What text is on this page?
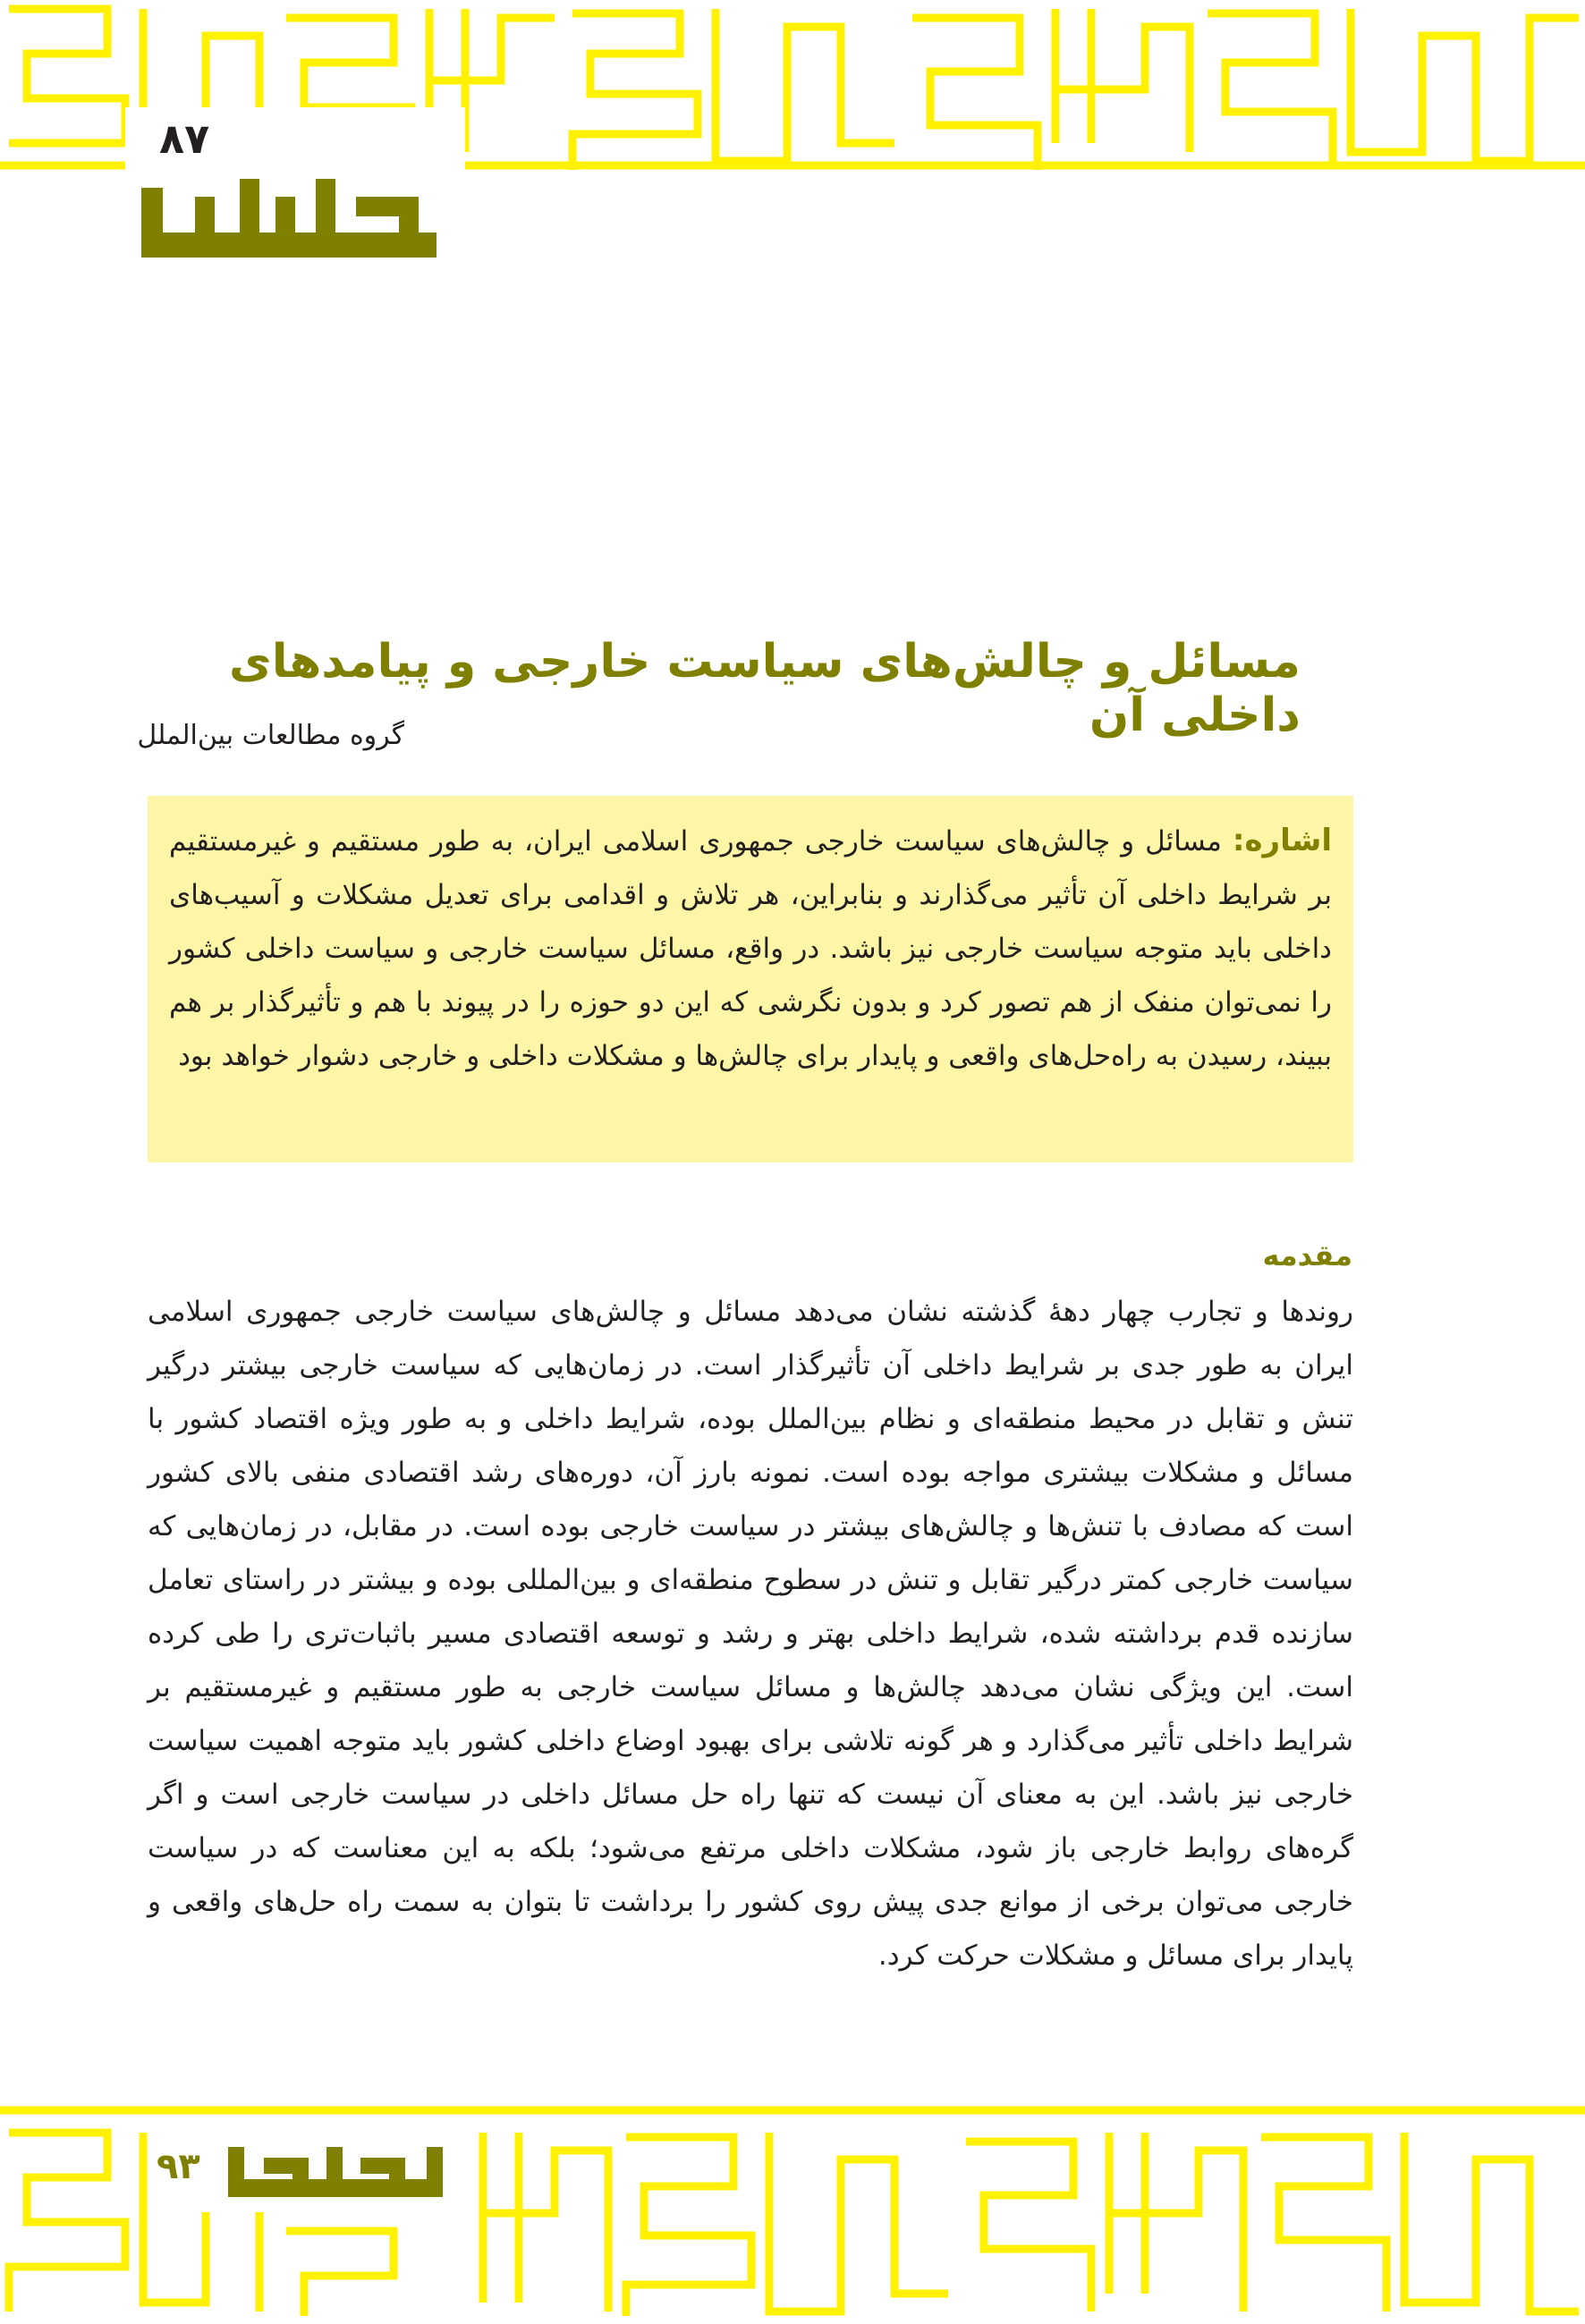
۸۷
مسائل و چالش‌های سیاست خارجی و پیامدهای داخلی آن
گروه مطالعات بین‌الملل

اشاره: مسائل و چالش‌های سیاست خارجی جمهوری اسلامی ایران، به طور مستقیم و غیرمستقیم بر شرایط داخلی آن تأثیر می‌گذارند و بنابراین، هر تلاش و اقدامی برای تعدیل مشکلات و آسیب‌های داخلی باید متوجه سیاست خارجی نیز باشد. در واقع، مسائل سیاست خارجی و سیاست داخلی کشور را نمی‌توان منفک از هم تصور کرد و بدون نگرشی که این دو حوزه را در پیوند با هم و تأثیرگذار بر هم ببیند، رسیدن به راه‌حل‌های واقعی و پایدار برای چالش‌ها و مشکلات داخلی و خارجی دشوار خواهد بود

مقدمه

روندها و تجارب چهار دههٔ گذشته نشان می‌دهد مسائل و چالش‌های سیاست خارجی جمهوری اسلامی ایران به طور جدی بر شرایط داخلی آن تأثیرگذار است. در زمان‌هایی که سیاست خارجی بیشتر درگیر تنش و تقابل در محیط منطقه‌ای و نظام بین‌الملل بوده، شرایط داخلی و به طور ویژه اقتصاد کشور با مسائل و مشکلات بیشتری مواجه بوده است. نمونه بارز آن، دوره‌های رشد اقتصادی منفی بالای کشور است که مصادف با تنش‌ها و چالش‌های بیشتر در سیاست خارجی بوده است. در مقابل، در زمان‌هایی که سیاست خارجی کمتر درگیر تقابل و تنش در سطوح منطقه‌ای و بین‌المللی بوده و بیشتر در راستای تعامل سازنده قدم برداشته شده، شرایط داخلی بهتر و رشد و توسعه اقتصادی مسیر باثبات‌تری را طی کرده است. این ویژگی نشان می‌دهد چالش‌ها و مسائل سیاست خارجی به طور مستقیم و غیرمستقیم بر شرایط داخلی تأثیر می‌گذارد و هر گونه تلاشی برای بهبود اوضاع داخلی کشور باید متوجه اهمیت سیاست خارجی نیز باشد. این به معنای آن نیست که تنها راه حل مسائل داخلی در سیاست خارجی است و اگر گره‌های روابط خارجی باز شود، مشکلات داخلی مرتفع می‌شود؛ بلکه به این معناست که در سیاست خارجی می‌توان برخی از موانع جدی پیش روی کشور را برداشت تا بتوان به سمت راه حل‌های واقعی و پایدار برای مسائل و مشکلات حرکت کرد.

۹۳
